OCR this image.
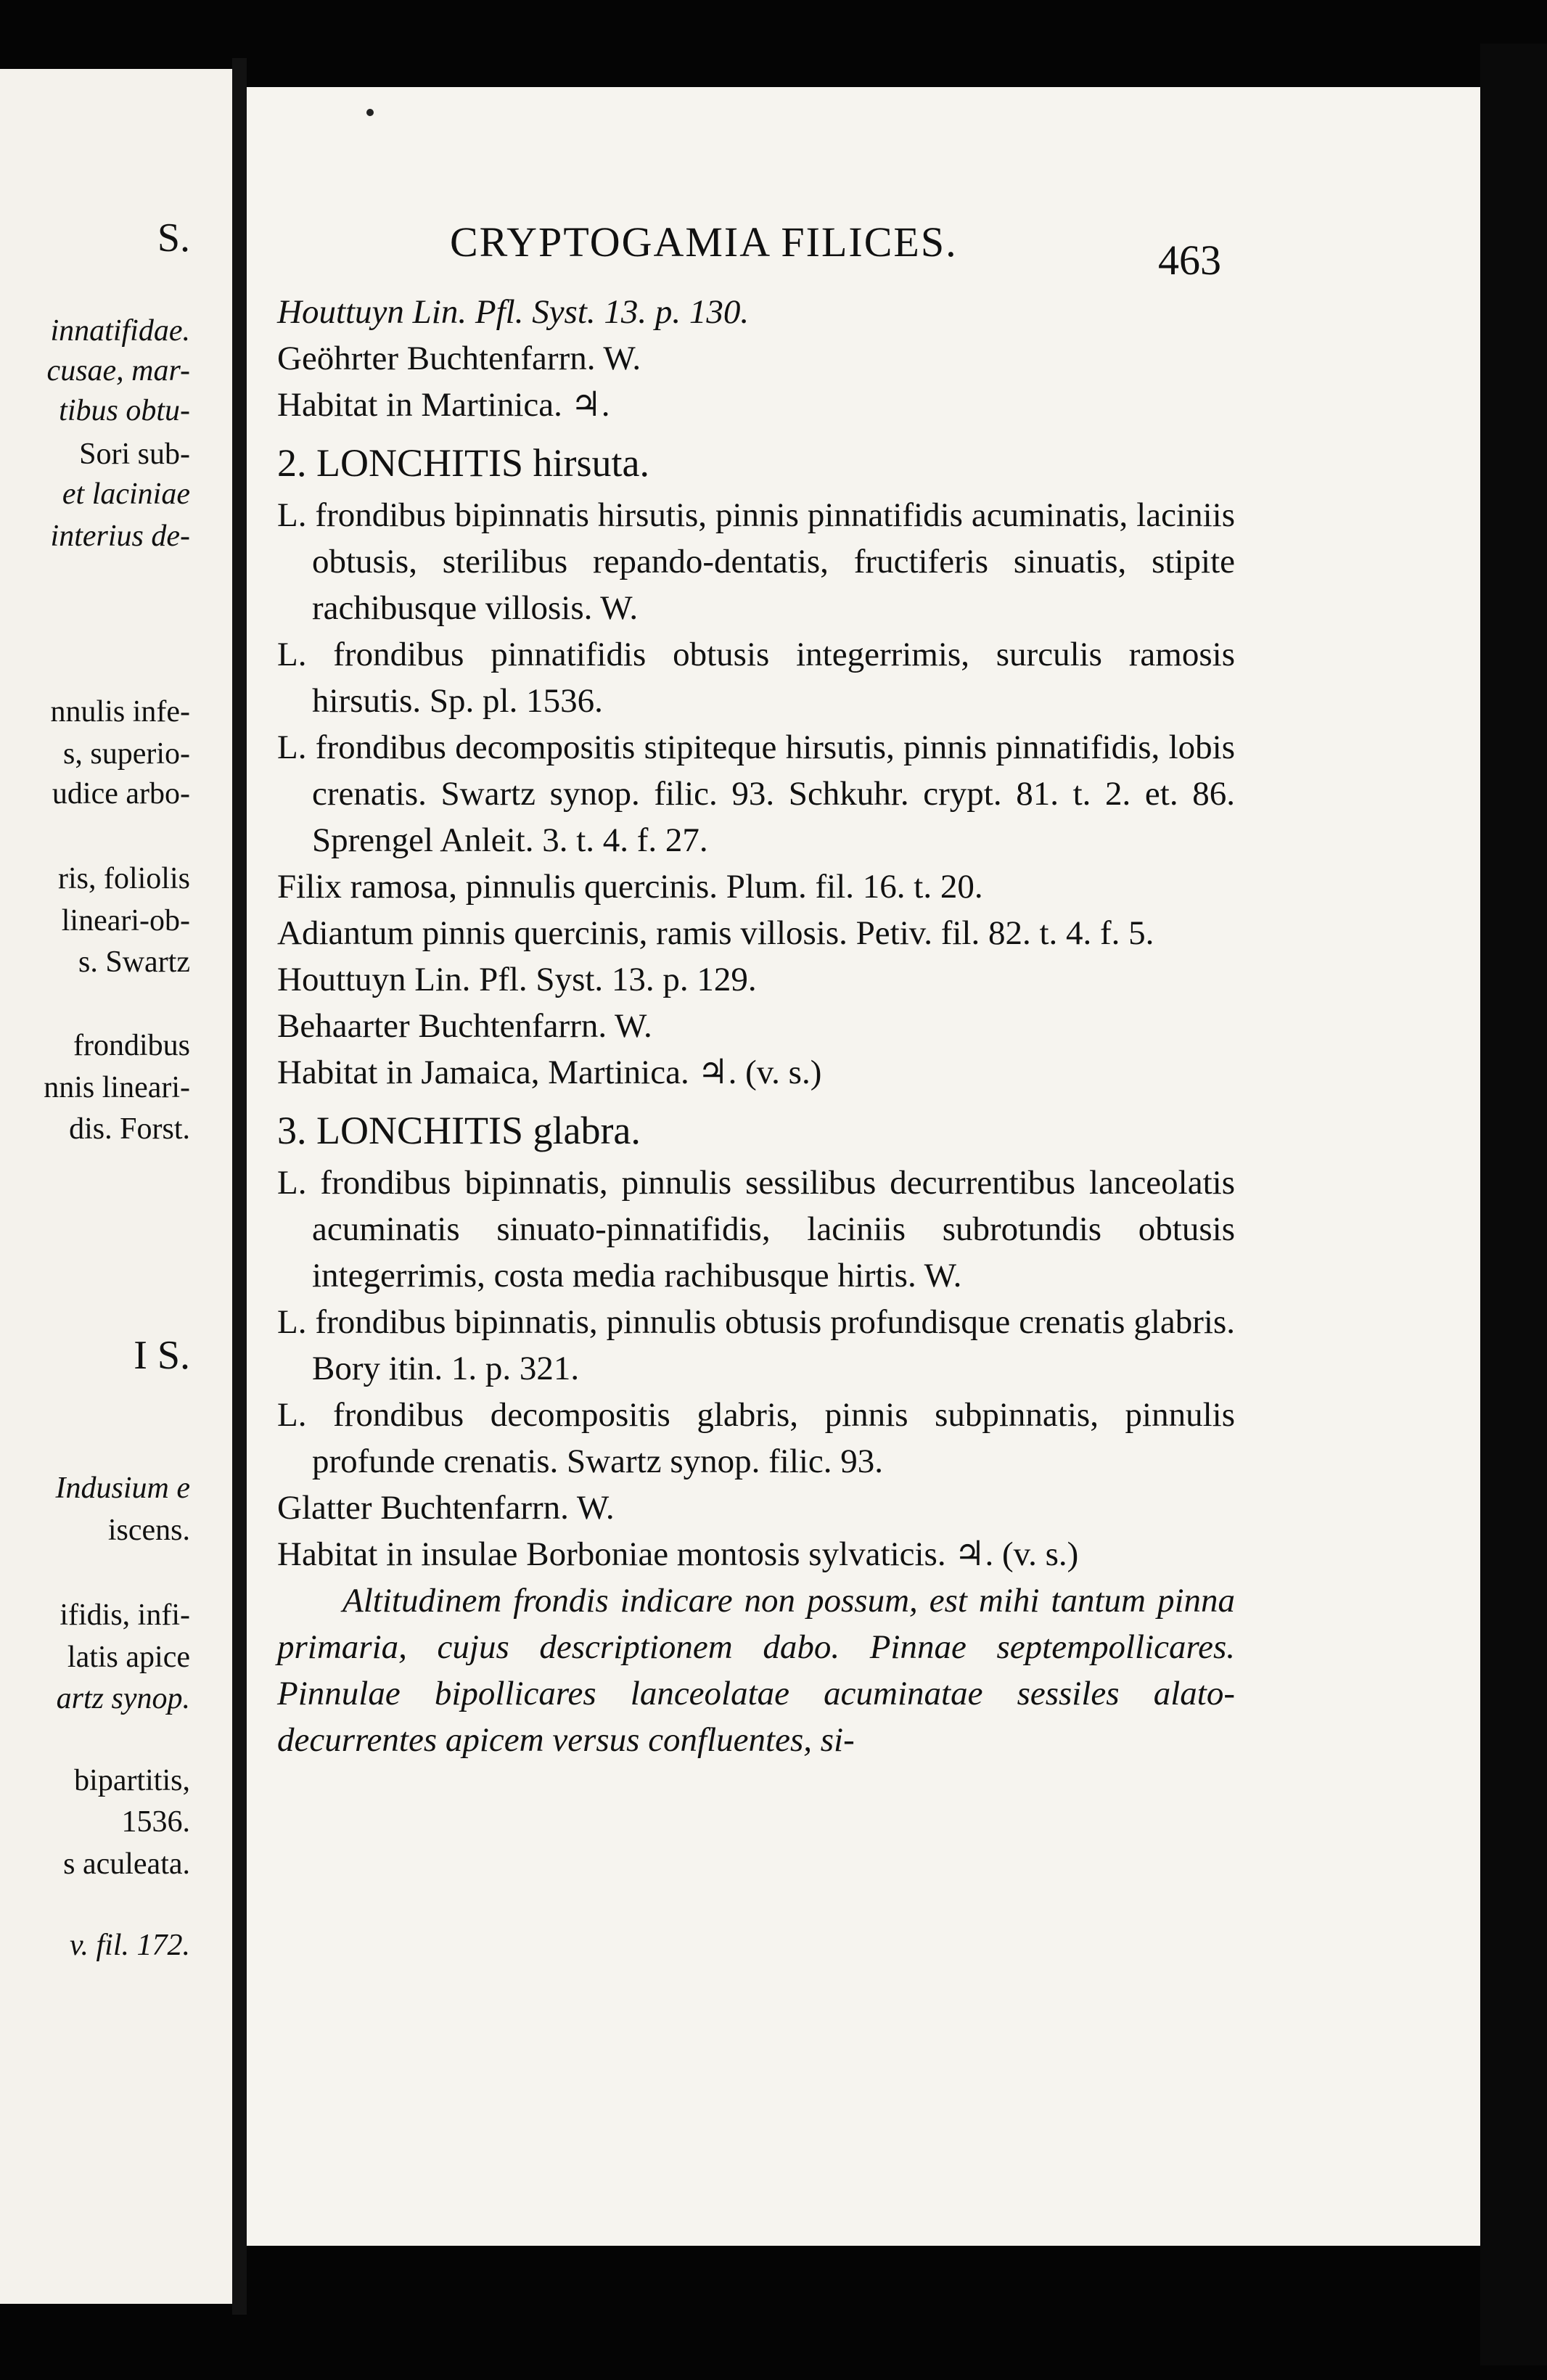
S.
innatifidae.
cusae, mar-
tibus obtu-
Sori sub-
et laciniae
interius de-
nnulis infe-
s, superio-
udice arbo-
ris, foliolis
lineari-ob-
s. Swartz
frondibus
nnis lineari-
dis. Forst.
I S.
Indusium e
iscens.
ifidis, infi-
latis apice
artz synop.
bipartitis,
1536.
s aculeata.
v. fil. 172.
CRYPTOGAMIA FILICES.	463

Houttuyn Lin. Pfl. Syst. 13. p. 130.

Geöhrter Buchtenfarrn. W.

Habitat in Martinica. ♃.

2. LONCHITIS hirsuta.

L. frondibus bipinnatis hirsutis, pinnis pinnatifidis acuminatis, laciniis obtusis, sterilibus repando-dentatis, fructiferis sinuatis, stipite rachibusque villosis. W.

L. frondibus pinnatifidis obtusis integerrimis, surculis ramosis hirsutis. Sp. pl. 1536.

L. frondibus decompositis stipiteque hirsutis, pinnis pinnatifidis, lobis crenatis. Swartz synop. filic. 93. Schkuhr. crypt. 81. t. 2. et. 86. Sprengel Anleit. 3. t. 4. f. 27.

Filix ramosa, pinnulis quercinis. Plum. fil. 16. t. 20.

Adiantum pinnis quercinis, ramis villosis. Petiv. fil. 82. t. 4. f. 5.

Houttuyn Lin. Pfl. Syst. 13. p. 129.

Behaarter Buchtenfarrn. W.

Habitat in Jamaica, Martinica. ♃. (v. s.)

3. LONCHITIS glabra.

L. frondibus bipinnatis, pinnulis sessilibus decurrentibus lanceolatis acuminatis sinuato-pinnatifidis, laciniis subrotundis obtusis integerrimis, costa media rachibusque hirtis. W.

L. frondibus bipinnatis, pinnulis obtusis profundisque crenatis glabris. Bory itin. 1. p. 321.

L. frondibus decompositis glabris, pinnis subpinnatis, pinnulis profunde crenatis. Swartz synop. filic. 93.

Glatter Buchtenfarrn. W.

Habitat in insulae Borboniae montosis sylvaticis. ♃. (v. s.)

Altitudinem frondis indicare non possum, est mihi tantum pinna primaria, cujus descriptionem dabo. Pinnae septempollicares. Pinnulae bipollicares lanceolatae acuminatae sessiles alato-decurrentes apicem versus confluentes, si-
